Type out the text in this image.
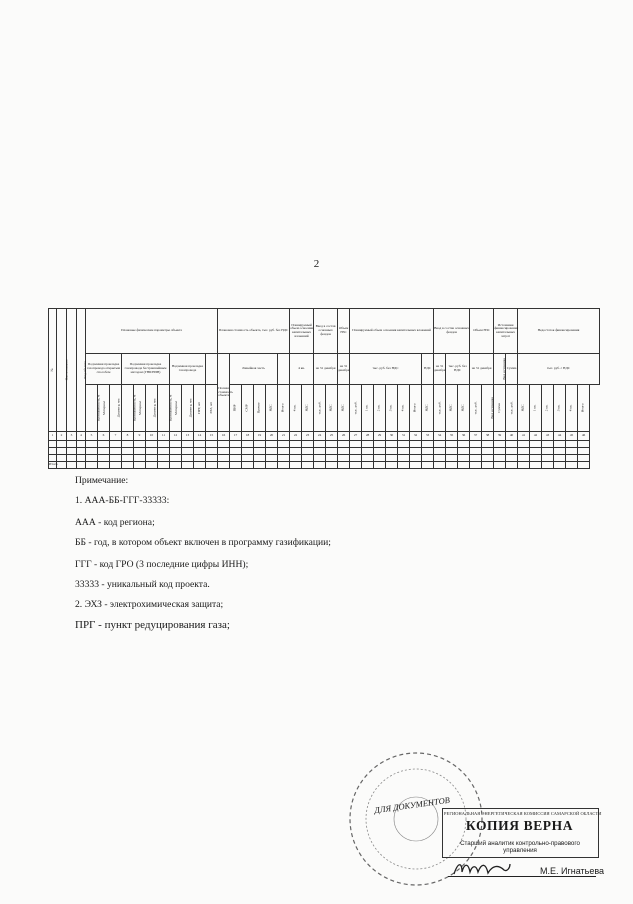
2
№	Наименование		Код объекта	Плановые физические параметры объекта											Плановая стоимость объекта, тыс. руб. без НДС						Планируемый объем освоения капитальных вложений		Ввод в состав основных фондов		Объем НЗС	Планируемый объем освоения капитальных вложений							Ввод в состав основных фондов			Объем НЗС		Источники финансирования капитальных затрат		Недостаток финансирования					
				Подземная прокладка газопровода открытым способом			Подземная прокладка газопровода бестраншейным методом (ГНБ/НПВ)				Надземная прокладка газопровода				Полная стоимость объекта	Линейная часть					4 кв.		на 31 декабря		на 31 декабря	тыс. руб. без НДС						НДС	на 31 декабря	тыс. руб. без НДС		на 31 декабря		Вид источника	Сумма	тыс. руб. с НДС					
				Протяженность, м	Материал	Диаметр, мм	Протяженность, м	Материал	Диаметр, мм	Протяженность, м	Материал	Диаметр, мм	ПРГ, шт	ЭХЗ, шт		ПИР	СМР	Прочие	НДС	Итого	4 кв.	НДС	тыс. руб.	НДС	НДС	тыс. руб.	1 кв.	2 кв.	3 кв.	4 кв.	Итого	НДС	тыс. руб.	НДС	НДС	тыс. руб.	Вид источника	Сумма	тыс. руб.	НДС	1 кв.	2 кв.	3 кв.	4 кв.	Итого
1	2	3	4	5	6	7	8	9	10	11	12	13	14	15	16	17	18	19	20	21	22	23	24	25	26	27	28	29	30	31	32	33	34	35	36	37	38	39	40	41	42	43	44	45	46

Итого																																													

Примечание:

1. ААА-ББ-ГГГ-33333:

ААА - код региона;

ББ - год, в котором объект включен в программу газификации;

ГГГ - код ГРО (3 последние цифры ИНН);

33333 - уникальный код проекта.

2. ЭХЗ - электрохимическая защита;

ПРГ - пункт редуцирования газа;

ДЛЯ ДОКУМЕНТОВ
РЕГИОНАЛЬНАЯ ЭНЕРГЕТИЧЕСКАЯ КОМИССИЯ САМАРСКОЙ ОБЛАСТИ
КОПИЯ ВЕРНА
Старший аналитик контрольно-правового управления
М.Е. Игнатьева
